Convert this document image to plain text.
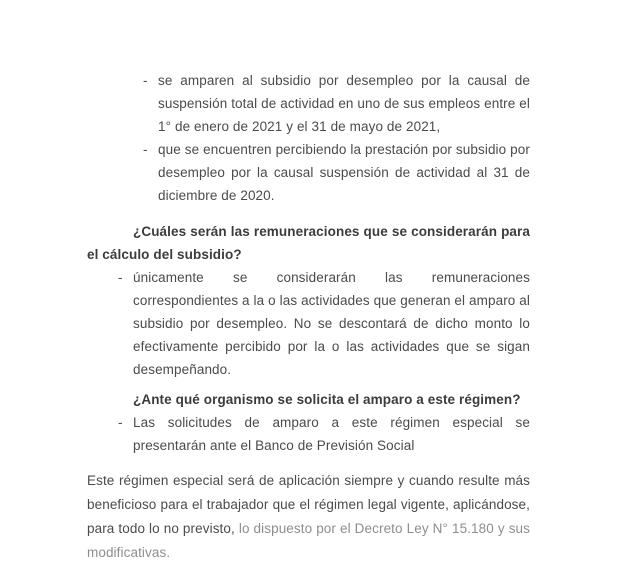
- se amparen al subsidio por desempleo por la causal de suspensión total de actividad en uno de sus empleos entre el 1° de enero de 2021 y el 31 de mayo de 2021,
- que se encuentren percibiendo la prestación por subsidio por desempleo por la causal suspensión de actividad al 31 de diciembre de 2020.

¿Cuáles serán las remuneraciones que se considerarán para el cálculo del subsidio?

- únicamente se considerarán las remuneraciones correspondientes a la o las actividades que generan el amparo al subsidio por desempleo. No se descontará de dicho monto lo efectivamente percibido por la o las actividades que se sigan desempeñando.

¿Ante qué organismo se solicita el amparo a este régimen?

- Las solicitudes de amparo a este régimen especial se presentarán ante el Banco de Previsión Social

Este régimen especial será de aplicación siempre y cuando resulte más beneficioso para el trabajador que el régimen legal vigente, aplicándose, para todo lo no previsto, lo dispuesto por el Decreto Ley N° 15.180 y sus modificativas.
